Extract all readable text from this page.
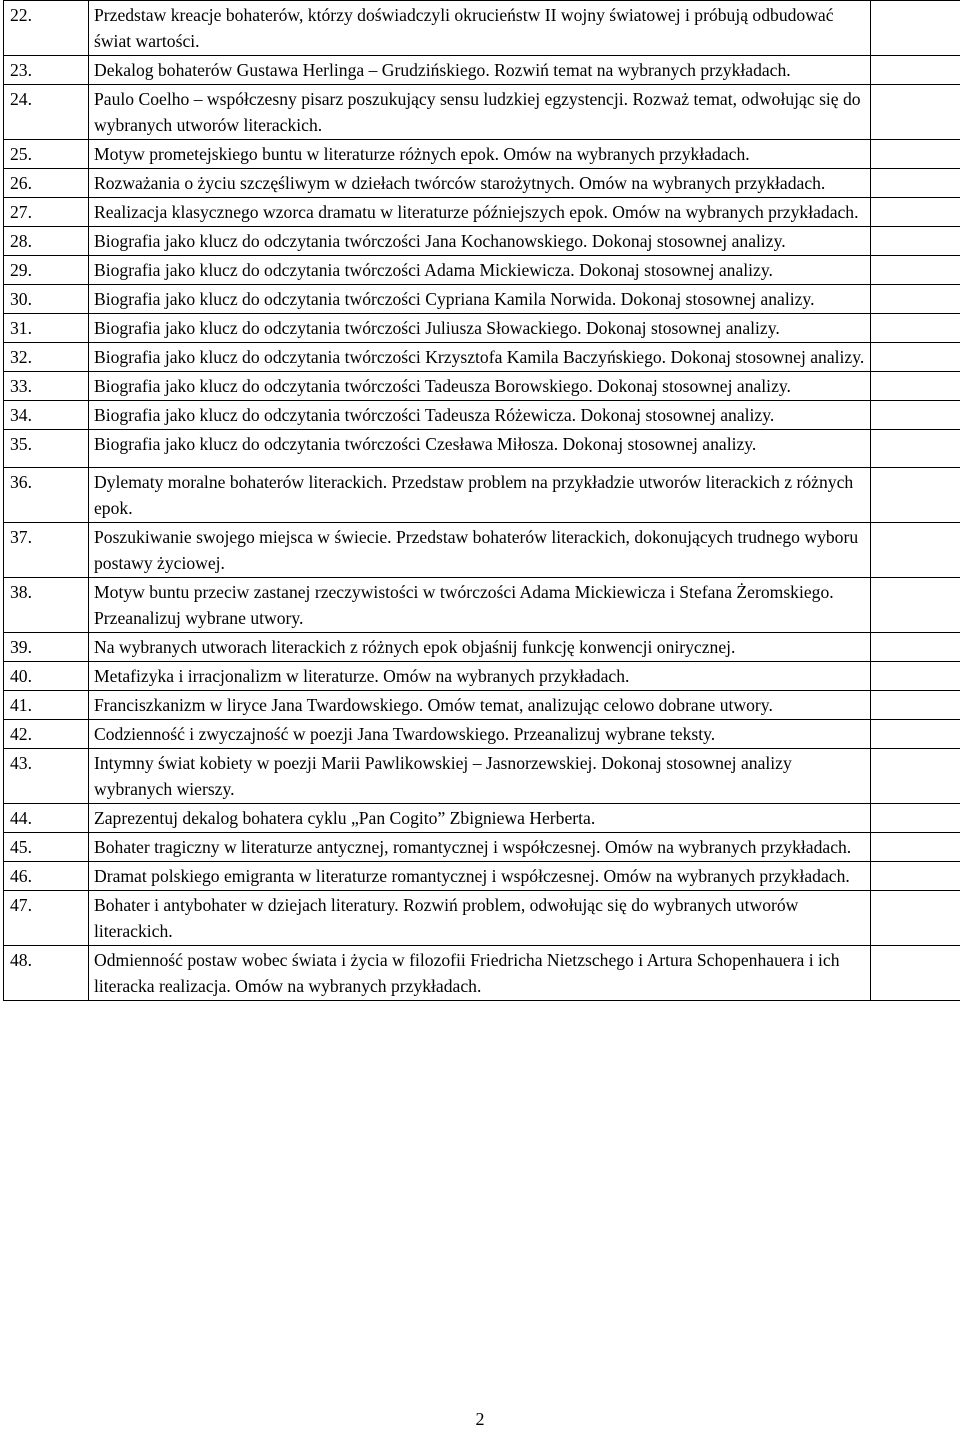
22.	Przedstaw kreacje bohaterów, którzy doświadczyli okrucieństw II wojny światowej i próbują odbudować świat wartości.	
23.	Dekalog bohaterów Gustawa Herlinga – Grudzińskiego. Rozwiń temat na wybranych przykładach.	
24.	Paulo Coelho – współczesny pisarz poszukujący sensu ludzkiej egzystencji. Rozważ temat, odwołując się do wybranych utworów literackich.	
25.	Motyw prometejskiego buntu w literaturze różnych epok. Omów na wybranych przykładach.	
26.	Rozważania o życiu szczęśliwym w dziełach twórców starożytnych. Omów na wybranych przykładach.	
27.	Realizacja klasycznego wzorca dramatu w literaturze późniejszych epok. Omów na wybranych przykładach.	
28.	Biografia jako klucz do odczytania twórczości Jana Kochanowskiego. Dokonaj stosownej analizy.	
29.	Biografia jako klucz do odczytania twórczości Adama Mickiewicza. Dokonaj stosownej analizy.	
30.	Biografia jako klucz do odczytania twórczości Cypriana Kamila Norwida. Dokonaj stosownej analizy.	
31.	Biografia jako klucz do odczytania twórczości Juliusza Słowackiego. Dokonaj stosownej analizy.	
32.	Biografia jako klucz do odczytania twórczości Krzysztofa Kamila Baczyńskiego. Dokonaj stosownej analizy.	
33.	Biografia jako klucz do odczytania twórczości Tadeusza Borowskiego. Dokonaj stosownej analizy.	
34.	Biografia jako klucz do odczytania twórczości Tadeusza Różewicza. Dokonaj stosownej analizy.	
35.	Biografia jako klucz do odczytania twórczości Czesława Miłosza. Dokonaj stosownej analizy.	
36.	Dylematy moralne bohaterów literackich. Przedstaw problem na przykładzie utworów literackich z różnych epok.	
37.	Poszukiwanie swojego miejsca w świecie. Przedstaw bohaterów literackich, dokonujących trudnego wyboru postawy życiowej.	
38.	Motyw buntu przeciw zastanej rzeczywistości w twórczości Adama Mickiewicza i Stefana Żeromskiego. Przeanalizuj wybrane utwory.	
39.	Na wybranych utworach literackich z różnych epok objaśnij funkcję konwencji onirycznej.	
40.	Metafizyka i irracjonalizm w literaturze. Omów na wybranych przykładach.	
41.	Franciszkanizm w liryce Jana Twardowskiego. Omów temat, analizując celowo dobrane utwory.	
42.	Codzienność i zwyczajność w poezji Jana Twardowskiego. Przeanalizuj wybrane teksty.	
43.	Intymny świat kobiety w poezji Marii Pawlikowskiej – Jasnorzewskiej. Dokonaj stosownej analizy wybranych wierszy.	
44.	Zaprezentuj dekalog bohatera cyklu „Pan Cogito” Zbigniewa Herberta.	
45.	Bohater tragiczny w literaturze antycznej, romantycznej i współczesnej. Omów na wybranych przykładach.	
46.	Dramat polskiego emigranta w literaturze romantycznej i współczesnej. Omów na wybranych przykładach.	
47.	Bohater i antybohater w dziejach literatury. Rozwiń problem, odwołując się do wybranych utworów literackich.	
48.	Odmienność postaw wobec świata i życia w filozofii Friedricha Nietzschego i Artura Schopenhauera i ich literacka realizacja. Omów na wybranych przykładach.	
2
